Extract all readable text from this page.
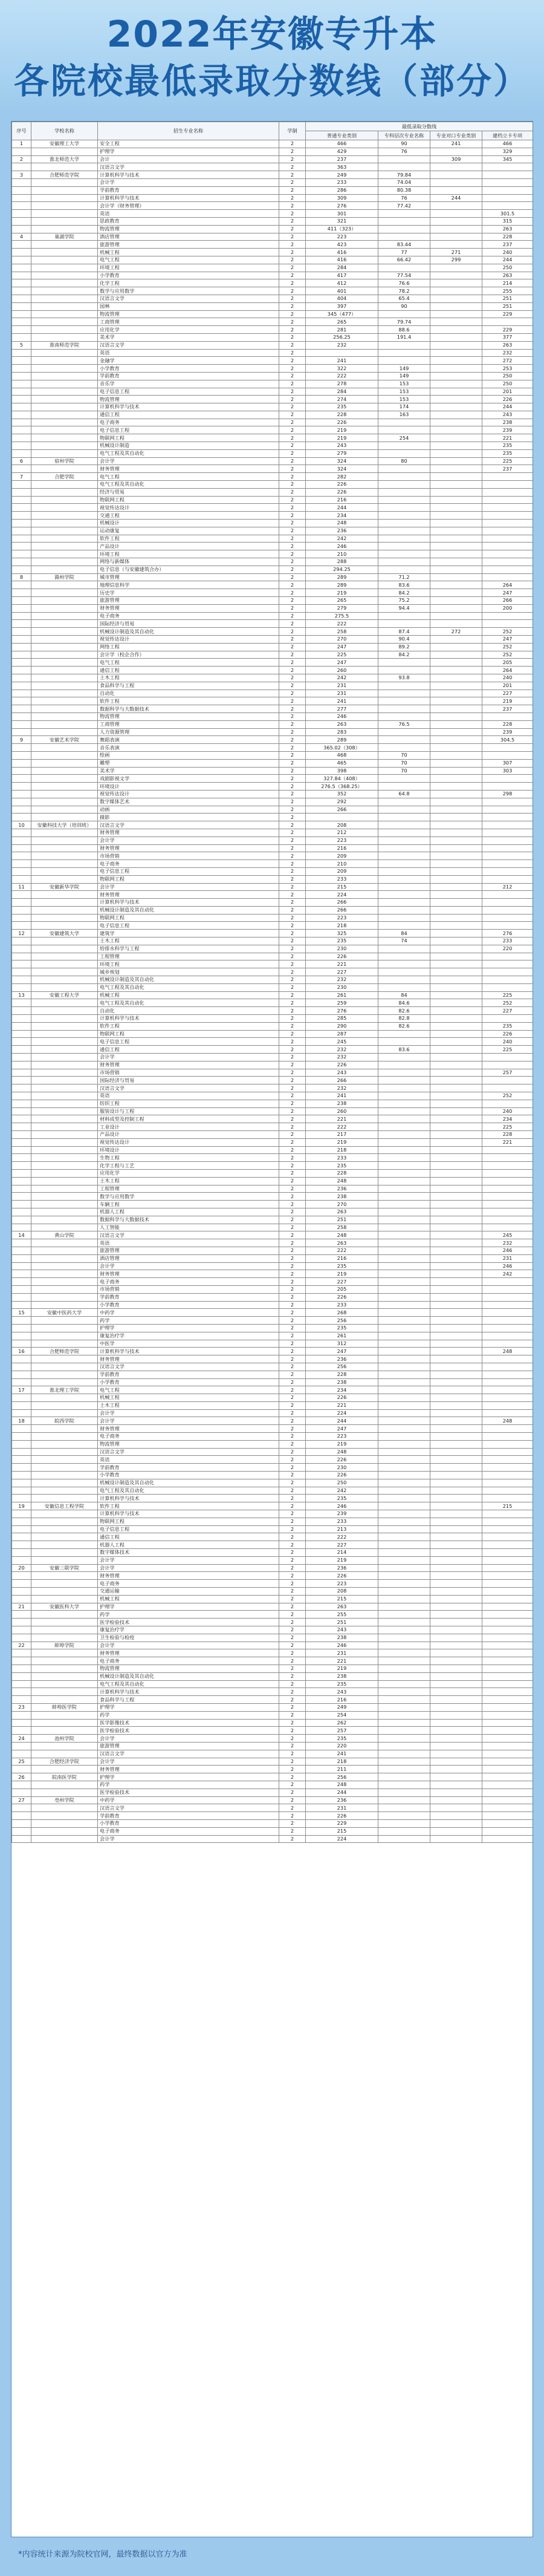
2022年安徽专升本
各院校最低录取分数线（部分）
序号	学校名称	招生专业名称	学制	最低录取分数线			
				普通专业类别	专科层次专业名称	专业对口专业类别	建档立卡专项
1	安徽理工大学	安全工程	2	466	90	241	466
		护理学	2	429	76		329
2	淮北师范大学	会计	2	237		309	345
		汉语言文学	2	363			
3	合肥师范学院	计算机科学与技术	2	249	79.84		
		会计学	2	233	74.04		
		学前教育	2	286	80.38		
		计算机科学与技术	2	309	76	244	
		会计学（财务管理）	2	276	77.42		
		英语	2	301			301.5
		思政教育	2	321			315
		物流管理	2	411（323）			263
4	巢湖学院	酒店管理	2	223			228
		旅游管理	2	423	83.44		237
		机械工程	2	416	77	271	240
		电气工程	2	416	66.42	299	244
		环境工程	2	284			250
		小学教育	2	417	77.54		263
		化学工程	2	412	76.6		214
		数学与应用数学	2	401	78.2		255
		汉语言文学	2	404	65.4		251
		园林	2	397	90		251
		物流管理	2	345（477）			229
		工商管理	2	265	79.74		
		应用化学	2	281	88.6		229
		美术学	2	256.25	191.4		377
5	淮南师范学院	汉语言文学	2	232			263
		英语	2				232
		金融学	2	241			272
		小学教育	2	322	149		253
		学前教育	2	222	149		250
		音乐学	2	278	153		250
		电子信息工程	2	284	153		201
		物流管理	2	274	153		226
		计算机科学与技术	2	235	174		244
		通信工程	2	228	163		243
		电子商务	2	226			238
		电子信息工程	2	219			239
		物联网工程	2	219	254		221
		机械设计制造	2	243			235
		电气工程及其自动化	2	279			235
6	宿州学院	会计学	2	324	80		225
		财务管理	2	324			237
7	合肥学院	电气工程	2	282			
		电气工程及其自动化	2	226			
		经济与贸易	2	226			
		物联网工程	2	216			
		视觉传达设计	2	244			
		交通工程	2	234			
		机械设计	2	248			
		运动康复	2	236			
		软件工程	2	242			
		产品设计	2	246			
		环境工程	2	210			
		网络与新媒体	2	288			
		电子信息（与安徽建筑合办）	2	294.25			
8	滁州学院	城市管理	2	289	71.2		
		地理信息科学	2	289	83.6		264
		历史学	2	219	84.2		247
		旅游管理	2	265	75.2		266
		财务管理	2	279	94.4		200
		电子商务	2	275.5			
		国际经济与贸易	2	222			
		机械设计制造及其自动化	2	258	87.4	272	252
		视觉传达设计	2	270	90.4		247
		网络工程	2	247	89.2		252
		会计学（校企合作）	2	225	84.2		252
		电气工程	2	247			205
		通信工程	2	260			264
		土木工程	2	242	93.8		240
		食品科学与工程	2	231			201
		自动化	2	231			227
		软件工程	2	241			219
		数据科学与大数据技术	2	277			237
		物流管理	2	246			
		工商管理	2	263	76.5		228
		人力资源管理	2	283			239
9	安徽艺术学院	舞蹈表演	2	289			304.5
		音乐表演	2	365.02（308）			
		绘画	2	468	70		
		雕塑	2	465	70		307
		美术学	2	398	70		303
		戏剧影视文学	2	327.84（408）			
		环境设计	2	276.5（368.25）			
		视觉传达设计	2	352	64.8		298
		数字媒体艺术	2	292			
		动画	2	266			
		摄影	2				
10	安徽科技大学（培训班）	汉语言文学	2	208			
		财务管理	2	212			
		会计学	2	223			
		财务管理	2	216			
		市场营销	2	209			
		电子商务	2	210			
		电子信息工程	2	209			
		物联网工程	2	233			
11	安徽新华学院	会计学	2	215			212
		财务管理	2	224			
		计算机科学与技术	2	266			
		机械设计制造及其自动化	2	266			
		物联网工程	2	223			
		电子信息工程	2	218			
12	安徽建筑大学	建筑学	2	325	84		276
		土木工程	2	235	74		233
		给排水科学与工程	2	230			220
		工程管理	2	226			
		环境工程	2	221			
		城乡规划	2	227			
		机械设计制造及其自动化	2	232			
		电气工程及其自动化	2	230			
13	安徽工程大学	机械工程	2	261	84		225
		电气工程及其自动化	2	259	84.6		252
		自动化	2	276	82.6		227
		计算机科学与技术	2	285	82.8		
		软件工程	2	290	82.6		235
		物联网工程	2	287			226
		电子信息工程	2	245			240
		通信工程	2	232	83.6		225
		会计学	2	232			
		财务管理	2	226			
		市场营销	2	243			257
		国际经济与贸易	2	266			
		汉语言文学	2	232			
		英语	2	241			252
		纺织工程	2	238			
		服装设计与工程	2	260			240
		材料成型及控制工程	2	221			234
		工业设计	2	222			225
		产品设计	2	217			228
		视觉传达设计	2	219			221
		环境设计	2	218			
		生物工程	2	233			
		化学工程与工艺	2	235			
		应用化学	2	228			
		土木工程	2	248			
		工程管理	2	236			
		数学与应用数学	2	238			
		车辆工程	2	270			
		机器人工程	2	263			
		数据科学与大数据技术	2	251			
		人工智能	2	258			
14	黄山学院	汉语言文学	2	248			245
		英语	2	263			232
		旅游管理	2	222			246
		酒店管理	2	216			231
		会计学	2	235			246
		财务管理	2	219			242
		电子商务	2	227			
		市场营销	2	205			
		学前教育	2	226			
		小学教育	2	233			
15	安徽中医药大学	中药学	2	268			
		药学	2	256			
		护理学	2	235			
		康复治疗学	2	261			
		中医学	2	312			
16	合肥师范学院	计算机科学与技术	2	247			248
		财务管理	2	236			
		汉语言文学	2	256			
		学前教育	2	228			
		小学教育	2	238			
17	淮北理工学院	电气工程	2	234			
		机械工程	2	226			
		土木工程	2	221			
		会计学	2	224			
18	皖西学院	会计学	2	244			248
		财务管理	2	247			
		电子商务	2	223			
		物流管理	2	219			
		汉语言文学	2	248			
		英语	2	226			
		学前教育	2	230			
		小学教育	2	226			
		机械设计制造及其自动化	2	250			
		电气工程及其自动化	2	242			
		计算机科学与技术	2	235			
19	安徽信息工程学院	软件工程	2	246			215
		计算机科学与技术	2	239			
		物联网工程	2	233			
		电子信息工程	2	213			
		通信工程	2	222			
		机器人工程	2	227			
		数字媒体技术	2	214			
		会计学	2	219			
20	安徽三联学院	会计学	2	236			
		财务管理	2	226			
		电子商务	2	223			
		交通运输	2	208			
		机械工程	2	215			
21	安徽医科大学	护理学	2	263			
		药学	2	255			
		医学检验技术	2	251			
		康复治疗学	2	243			
		卫生检验与检疫	2	238			
22	蚌埠学院	会计学	2	246			
		财务管理	2	231			
		电子商务	2	221			
		物流管理	2	219			
		机械设计制造及其自动化	2	238			
		电气工程及其自动化	2	235			
		计算机科学与技术	2	243			
		食品科学与工程	2	216			
23	蚌埠医学院	护理学	2	249			
		药学	2	254			
		医学影像技术	2	262			
		医学检验技术	2	257			
24	池州学院	会计学	2	235			
		旅游管理	2	220			
		汉语言文学	2	241			
25	合肥经济学院	会计学	2	218			
		财务管理	2	211			
26	皖南医学院	护理学	2	256			
		药学	2	248			
		医学检验技术	2	244			
27	亳州学院	中药学	2	236			
		汉语言文学	2	231			
		学前教育	2	226			
		小学教育	2	229			
		电子商务	2	215			
		会计学	2	224			
*内容统计来源为院校官网，最终数据以官方为准
